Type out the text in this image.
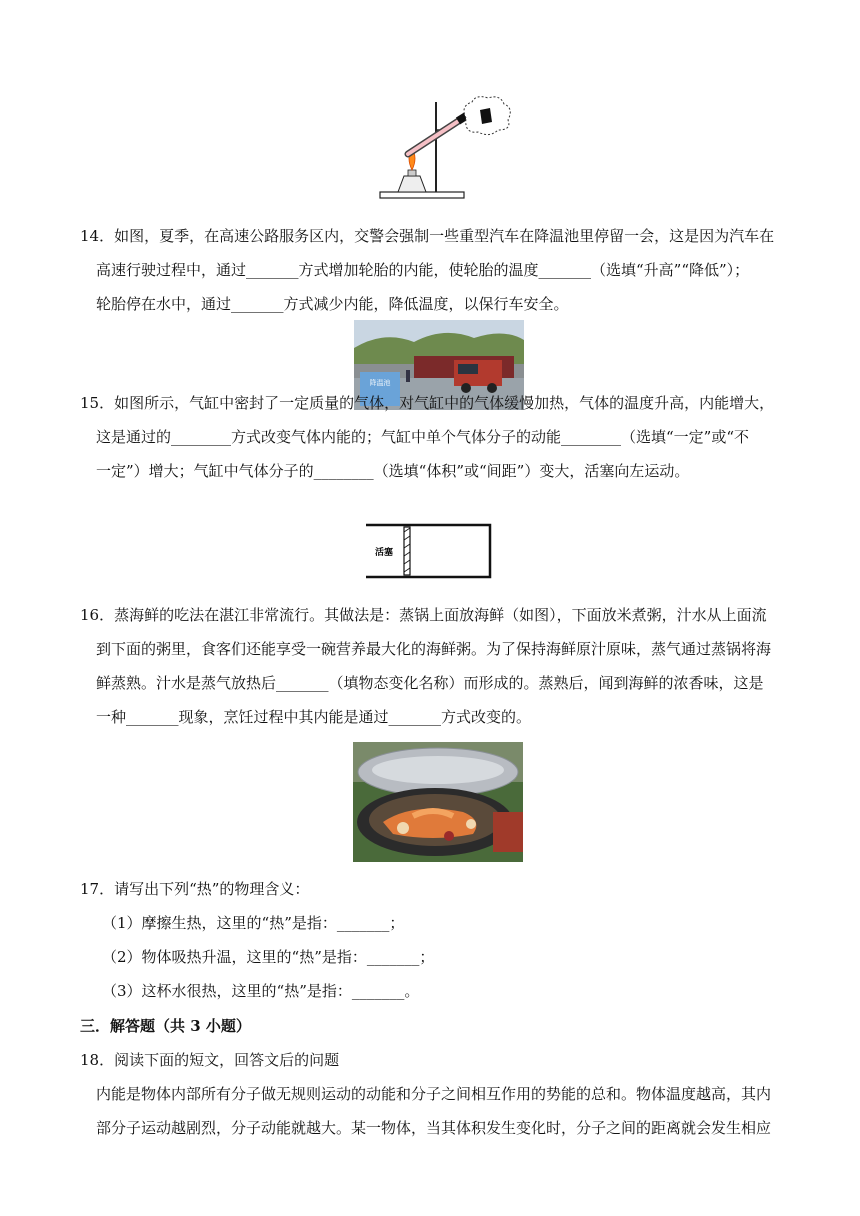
14．如图，夏季，在高速公路服务区内，交警会强制一些重型汽车在降温池里停留一会，这是因为汽车在
高速行驶过程中，通过_______方式增加轮胎的内能，使轮胎的温度_______（选填“升高”“降低”）；
轮胎停在水中，通过_______方式减少内能，降低温度，以保行车安全。
降温池
15．如图所示，气缸中密封了一定质量的气体，对气缸中的气体缓慢加热，气体的温度升高，内能增大，
这是通过的________方式改变气体内能的；气缸中单个气体分子的动能________（选填“一定”或“不
一定”）增大；气缸中气体分子的________（选填“体积”或“间距”）变大，活塞向左运动。
活塞
16．蒸海鲜的吃法在湛江非常流行。其做法是：蒸锅上面放海鲜（如图），下面放米煮粥，汁水从上面流
到下面的粥里，食客们还能享受一碗营养最大化的海鲜粥。为了保持海鲜原汁原味，蒸气通过蒸锅将海
鲜蒸熟。汁水是蒸气放热后_______（填物态变化名称）而形成的。蒸熟后，闻到海鲜的浓香味，这是
一种_______现象，烹饪过程中其内能是通过_______方式改变的。
17．请写出下列“热”的物理含义：
（1）摩擦生热，这里的“热”是指：_______；
（2）物体吸热升温，这里的“热”是指：_______；
（3）这杯水很热，这里的“热”是指：_______。
三．解答题（共 3 小题）
18．阅读下面的短文，回答文后的问题
内能是物体内部所有分子做无规则运动的动能和分子之间相互作用的势能的总和。物体温度越高，其内
部分子运动越剧烈，分子动能就越大。某一物体，当其体积发生变化时，分子之间的距离就会发生相应
